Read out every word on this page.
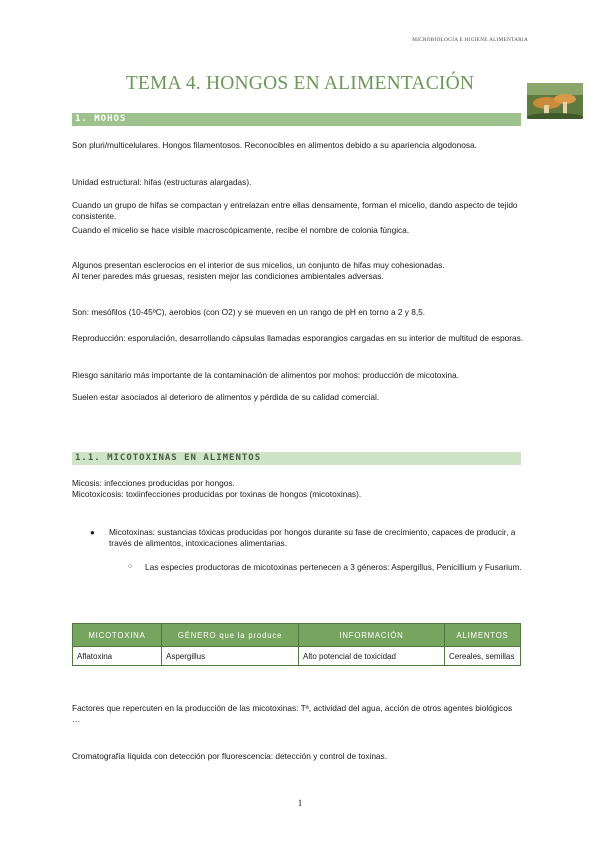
MICROBIOLOGÍA E HIGIENE ALIMENTARIA
TEMA 4. HONGOS EN ALIMENTACIÓN
1. MOHOS
Son pluri/multicelulares. Hongos filamentosos. Reconocibles en alimentos debido a su apariencia algodonosa.
Unidad estructural: hifas (estructuras alargadas).
Cuando un grupo de hifas se compactan y entrelazan entre ellas densamente, forman el micelio, dando aspecto de tejido consistente.
Cuando el micelio se hace visible macroscópicamente, recibe el nombre de colonia fúngica.
Algunos presentan esclerocios en el interior de sus micelios, un conjunto de hifas muy cohesionadas.
Al tener paredes más gruesas, resisten mejor las condiciones ambientales adversas.
Son: mesófilos (10-45ºC), aerobios (con O2) y se mueven en un rango de pH en torno a 2 y 8,5.
Reproducción: esporulación, desarrollando cápsulas llamadas esporangios cargadas en su interior de multitud de esporas.
Riesgo sanitario más importante de la contaminación de alimentos por mohos: producción de micotoxina.
Suelen estar asociados al deterioro de alimentos y pérdida de su calidad comercial.
1.1. MICOTOXINAS EN ALIMENTOS
Micosis: infecciones producidas por hongos.
Micotoxicosis: toxiinfecciones producidas por toxinas de hongos (micotoxinas).
● Micotoxinas: sustancias tóxicas producidas por hongos durante su fase de crecimiento, capaces de producir, a través de alimentos, intoxicaciones alimentarias.
○ Las especies productoras de micotoxinas pertenecen a 3 géneros: Aspergillus, Penicillium y Fusarium.
MICOTOXINA	GÉNERO que la produce	INFORMACIÓN	ALIMENTOS
Aflatoxina	Aspergillus	Alto potencial de toxicidad	Cereales, semillas
Factores que repercuten en la producción de las micotoxinas: Tª, actividad del agua, acción de otros agentes biológicos …
Cromatografía líquida con detección por fluorescencia: detección y control de toxinas.
1
